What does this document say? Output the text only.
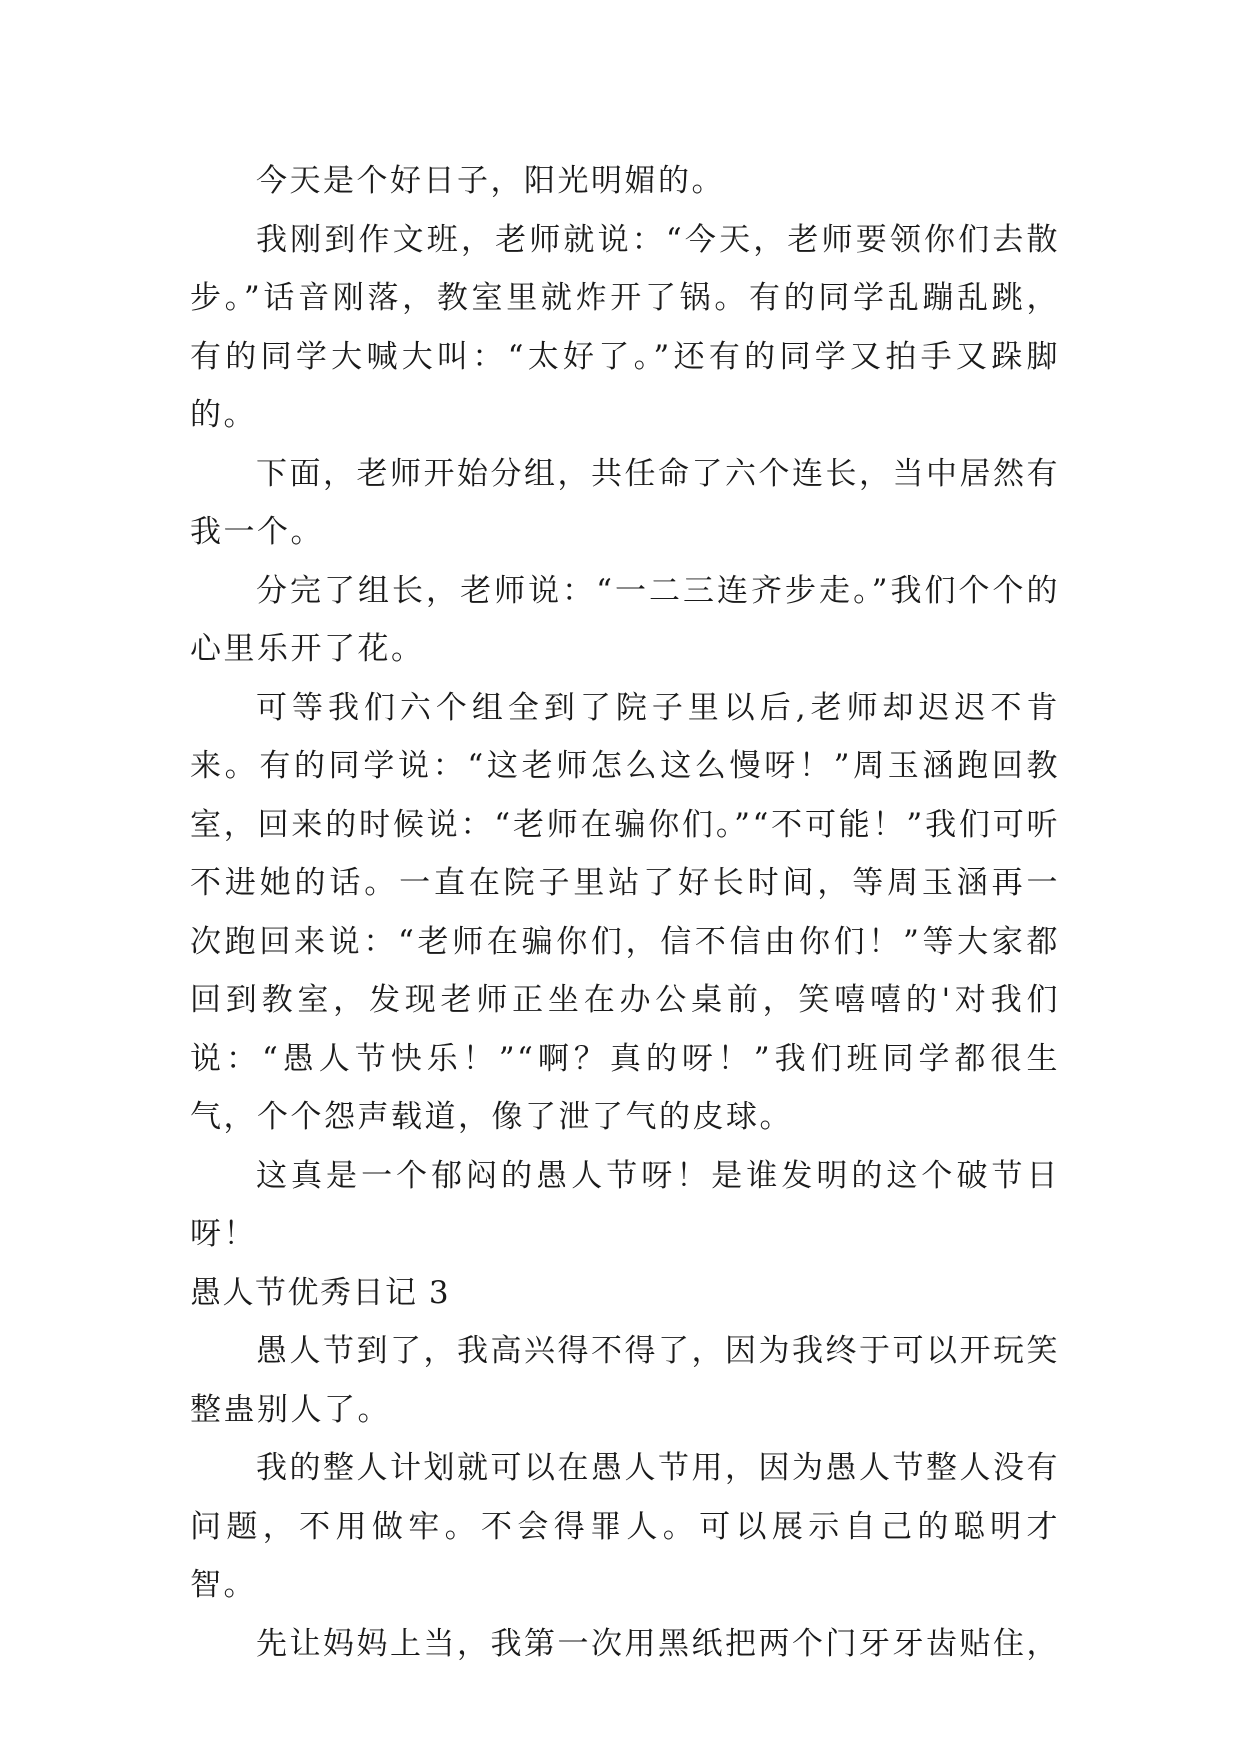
今天是个好日子，阳光明媚的。

我刚到作文班，老师就说：“今天，老师要领你们去散步。”话音刚落，教室里就炸开了锅。有的同学乱蹦乱跳，有的同学大喊大叫：“太好了。”还有的同学又拍手又跺脚的。

下面，老师开始分组，共任命了六个连长，当中居然有我一个。

分完了组长，老师说：“一二三连齐步走。”我们个个的心里乐开了花。

可等我们六个组全到了院子里以后,老师却迟迟不肯来。有的同学说：“这老师怎么这么慢呀！”周玉涵跑回教室，回来的时候说：“老师在骗你们。”“不可能！”我们可听不进她的话。一直在院子里站了好长时间，等周玉涵再一次跑回来说：“老师在骗你们，信不信由你们！”等大家都回到教室，发现老师正坐在办公桌前，笑嘻嘻的'对我们说：“愚人节快乐！”“啊？真的呀！”我们班同学都很生气，个个怨声载道，像了泄了气的皮球。

这真是一个郁闷的愚人节呀！是谁发明的这个破节日呀！

愚人节优秀日记 3

愚人节到了，我高兴得不得了，因为我终于可以开玩笑整蛊别人了。

我的整人计划就可以在愚人节用，因为愚人节整人没有问题，不用做牢。不会得罪人。可以展示自己的聪明才智。

先让妈妈上当，我第一次用黑纸把两个门牙牙齿贴住，
